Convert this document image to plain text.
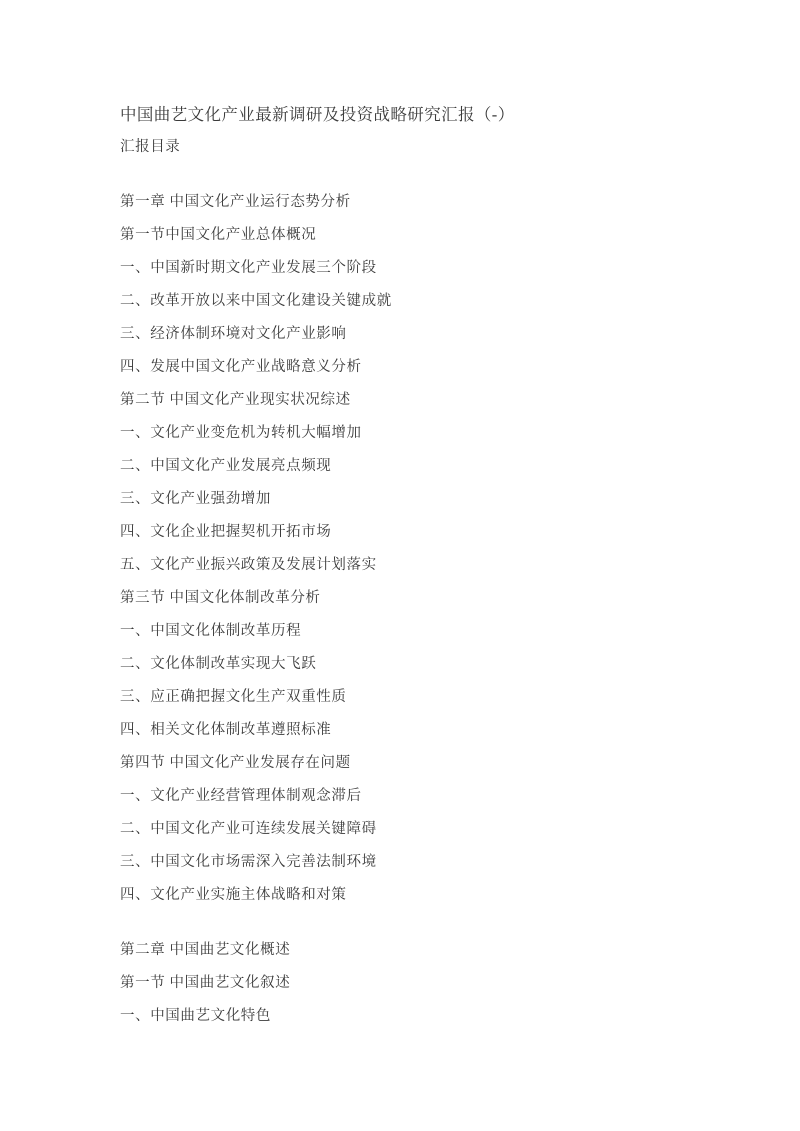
中国曲艺文化产业最新调研及投资战略研究汇报（-）
汇报目录
第一章 中国文化产业运行态势分析
第一节中国文化产业总体概况
一、中国新时期文化产业发展三个阶段
二、改革开放以来中国文化建设关键成就
三、经济体制环境对文化产业影响
四、发展中国文化产业战略意义分析
第二节 中国文化产业现实状况综述
一、文化产业变危机为转机大幅增加
二、中国文化产业发展亮点频现
三、文化产业强劲增加
四、文化企业把握契机开拓市场
五、文化产业振兴政策及发展计划落实
第三节 中国文化体制改革分析
一、中国文化体制改革历程
二、文化体制改革实现大飞跃
三、应正确把握文化生产双重性质
四、相关文化体制改革遵照标准
第四节 中国文化产业发展存在问题
一、文化产业经营管理体制观念滞后
二、中国文化产业可连续发展关键障碍
三、中国文化市场需深入完善法制环境
四、文化产业实施主体战略和对策
第二章 中国曲艺文化概述
第一节 中国曲艺文化叙述
一、中国曲艺文化特色
